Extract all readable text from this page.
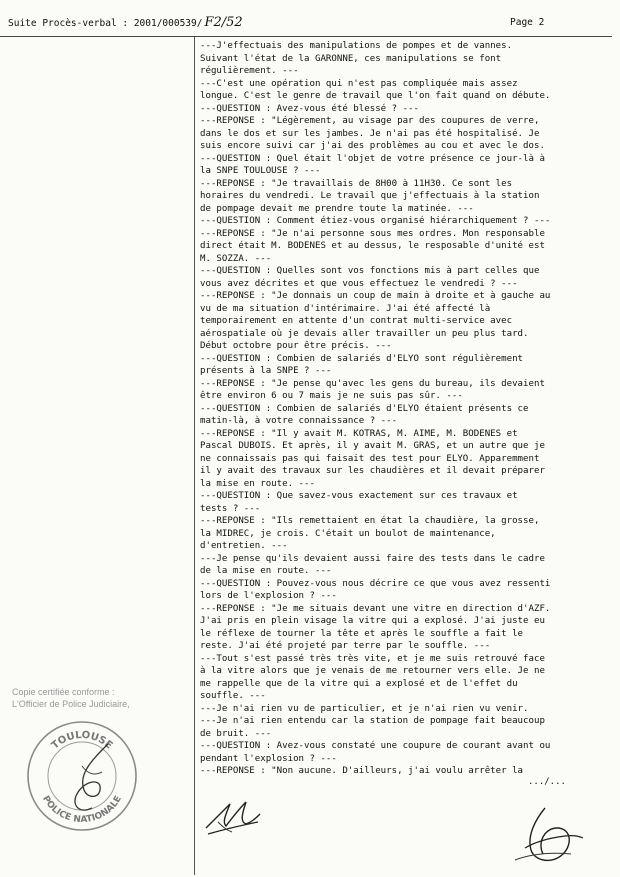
Suite Procès-verbal : 2001/000539/ F2/52	Page 2
---J'effectuais des manipulations de pompes et de vannes.
Suivant l'état de la GARONNE, ces manipulations se font
régulièrement. ---
---C'est une opération qui n'est pas compliquée mais assez
longue. C'est le genre de travail que l'on fait quand on débute.
---QUESTION : Avez-vous été blessé ? ---
---REPONSE : "Légèrement, au visage par des coupures de verre,
dans le dos et sur les jambes. Je n'ai pas été hospitalisé. Je
suis encore suivi car j'ai des problèmes au cou et avec le dos.
---QUESTION : Quel était l'objet de votre présence ce jour-là à
la SNPE TOULOUSE ? ---
---REPONSE : "Je travaillais de 8H00 à 11H30. Ce sont les
horaires du vendredi. Le travail que j'effectuais à la station
de pompage devait me prendre toute la matinée. ---
---QUESTION : Comment étiez-vous organisé hiérarchiquement ? ---
---REPONSE : "Je n'ai personne sous mes ordres. Mon responsable
direct était M. BODENES et au dessus, le resposable d'unité est
M. SOZZA. ---
---QUESTION : Quelles sont vos fonctions mis à part celles que
vous avez décrites et que vous effectuez le vendredi ? ---
---REPONSE : "Je donnais un coup de main à droite et à gauche au
vu de ma situation d'intérimaire. J'ai été affecté là
temporairement en attente d'un contrat multi-service avec
aérospatiale où je devais aller travailler un peu plus tard.
Début octobre pour être précis. ---
---QUESTION : Combien de salariés d'ELYO sont régulièrement
présents à la SNPE ? ---
---REPONSE : "Je pense qu'avec les gens du bureau, ils devaient
être environ 6 ou 7 mais je ne suis pas sûr. ---
---QUESTION : Combien de salariés d'ELYO étaient présents ce
matin-là, à votre connaissance ? ---
---REPONSE : "Il y avait M. KOTRAS, M. AIME, M. BODENES et
Pascal DUBOIS. Et après, il y avait M. GRAS, et un autre que je
ne connaissais pas qui faisait des test pour ELYO. Apparemment
il y avait des travaux sur les chaudières et il devait préparer
la mise en route. ---
---QUESTION : Que savez-vous exactement sur ces travaux et
tests ? ---
---REPONSE : "Ils remettaient en état la chaudière, la grosse,
la MIDREC, je crois. C'était un boulot de maintenance,
d'entretien. ---
---Je pense qu'ils devaient aussi faire des tests dans le cadre
de la mise en route. ---
---QUESTION : Pouvez-vous nous décrire ce que vous avez ressenti
lors de l'explosion ? ---
---REPONSE : "Je me situais devant une vitre en direction d'AZF.
J'ai pris en plein visage la vitre qui a explosé. J'ai juste eu
le réflexe de tourner la tête et après le souffle a fait le
reste. J'ai été projeté par terre par le souffle. ---
---Tout s'est passé très très vite, et je me suis retrouvé face
à la vitre alors que je venais de me retourner vers elle. Je ne
me rappelle que de la vitre qui a explosé et de l'effet du
souffle. ---
---Je n'ai rien vu de particulier, et je n'ai rien vu venir.
---Je n'ai rien entendu car la station de pompage fait beaucoup
de bruit. ---
---QUESTION : Avez-vous constaté une coupure de courant avant ou
pendant l'explosion ? ---
---REPONSE : "Non aucune. D'ailleurs, j'ai voulu arrêter la
.../...
Copie certifiée conforme :
L'Officier de Police Judiciaire,
TOULOUSE
POLICE NATIONALE
